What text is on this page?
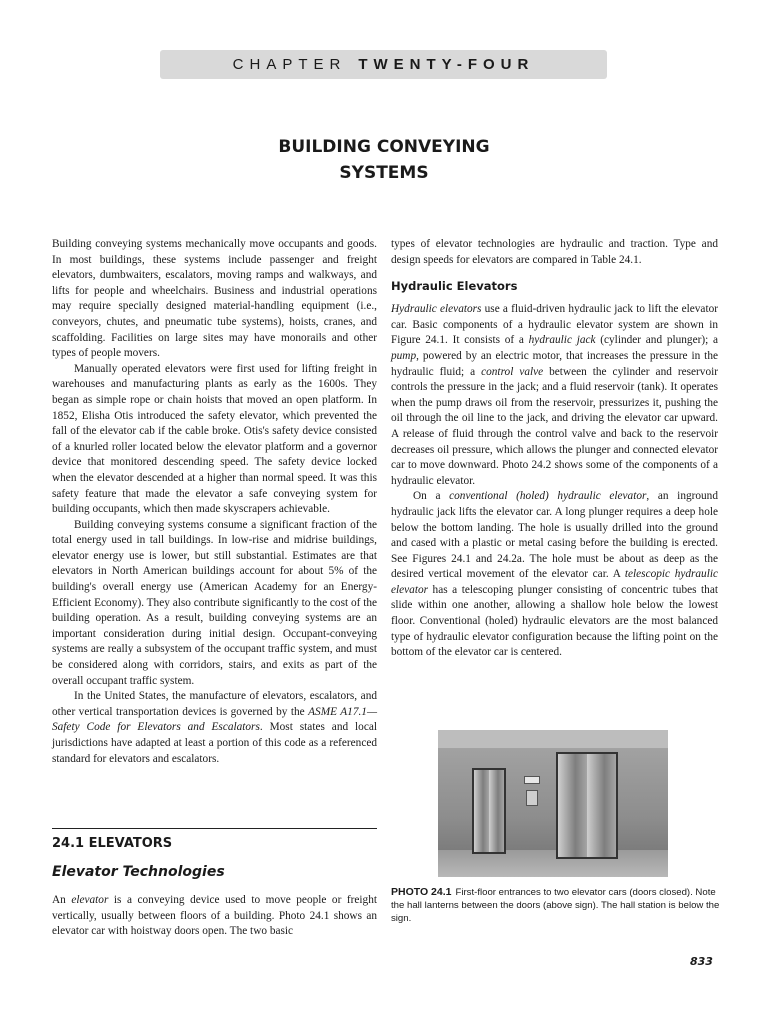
CHAPTER TWENTY-FOUR
BUILDING CONVEYING
SYSTEMS

Building conveying systems mechanically move occupants and goods. In most buildings, these systems include passenger and freight elevators, dumbwaiters, escalators, moving ramps and walkways, and lifts for people and wheelchairs. Business and industrial operations may require specially designed material-handling equipment (i.e., conveyors, chutes, and pneumatic tube systems), hoists, cranes, and scaffolding. Facilities on large sites may have monorails and other types of people movers.

Manually operated elevators were first used for lifting freight in warehouses and manufacturing plants as early as the 1600s. They began as simple rope or chain hoists that moved an open platform. In 1852, Elisha Otis introduced the safety elevator, which prevented the fall of the elevator cab if the cable broke. Otis's safety device consisted of a knurled roller located below the elevator platform and a governor device that monitored descending speed. The safety device locked when the elevator descended at a higher than normal speed. It was this safety feature that made the elevator a safe conveying system for building occupants, which then made skyscrapers achievable.

Building conveying systems consume a significant fraction of the total energy used in tall buildings. In low-rise and midrise buildings, elevator energy use is lower, but still substantial. Estimates are that elevators in North American buildings account for about 5% of the building's overall energy use (American Academy for an Energy-Efficient Economy). They also contribute significantly to the cost of the building operation. As a result, building conveying systems are an important consideration during initial design. Occupant-conveying systems are really a subsystem of the occupant traffic system, and must be considered along with corridors, stairs, and exits as part of the overall occupant traffic system.

In the United States, the manufacture of elevators, escalators, and other vertical transportation devices is governed by the ASME A17.1—Safety Code for Elevators and Escalators. Most states and local jurisdictions have adapted at least a portion of this code as a referenced standard for elevators and escalators.

24.1 ELEVATORS
Elevator Technologies

An elevator is a conveying device used to move people or freight vertically, usually between floors of a building. Photo 24.1 shows an elevator car with hoistway doors open. The two basic

types of elevator technologies are hydraulic and traction. Type and design speeds for elevators are compared in Table 24.1.

Hydraulic Elevators

Hydraulic elevators use a fluid-driven hydraulic jack to lift the elevator car. Basic components of a hydraulic elevator system are shown in Figure 24.1. It consists of a hydraulic jack (cylinder and plunger); a pump, powered by an electric motor, that increases the pressure in the hydraulic fluid; a control valve between the cylinder and reservoir controls the pressure in the jack; and a fluid reservoir (tank). It operates when the pump draws oil from the reservoir, pressurizes it, pushing the oil through the oil line to the jack, and driving the elevator car upward. A release of fluid through the control valve and back to the reservoir decreases oil pressure, which allows the plunger and connected elevator car to move downward. Photo 24.2 shows some of the components of a hydraulic elevator.

On a conventional (holed) hydraulic elevator, an inground hydraulic jack lifts the elevator car. A long plunger requires a deep hole below the bottom landing. The hole is usually drilled into the ground and cased with a plastic or metal casing before the building is erected. See Figures 24.1 and 24.2a. The hole must be about as deep as the desired vertical movement of the elevator car. A telescopic hydraulic elevator has a telescoping plunger consisting of concentric tubes that slide within one another, allowing a shallow hole below the lowest floor. Conventional (holed) hydraulic elevators are the most balanced type of hydraulic elevator configuration because the lifting point on the bottom of the elevator car is centered.

PHOTO 24.1 First-floor entrances to two elevator cars (doors closed). Note the hall lanterns between the doors (above sign). The hall station is below the sign.
833
